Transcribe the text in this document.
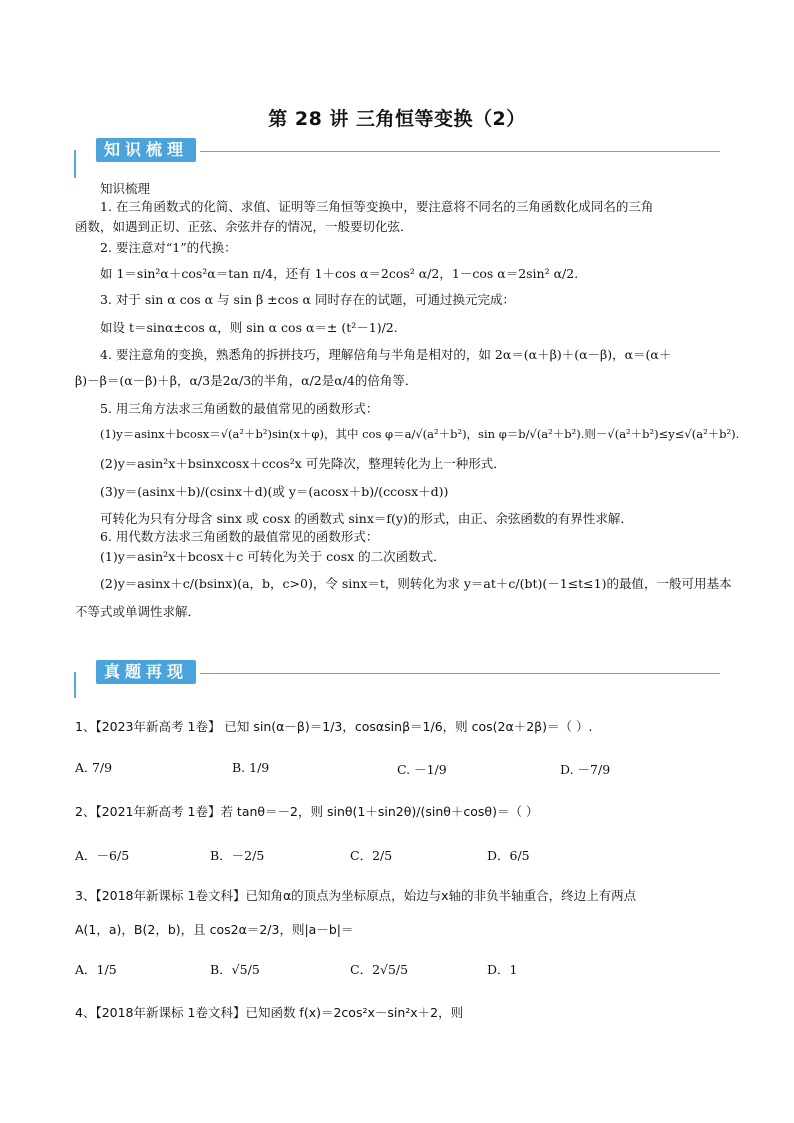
第 28 讲 三角恒等变换（2）
知识梳理
知识梳理
1. 在三角函数式的化简、求值、证明等三角恒等变换中，要注意将不同名的三角函数化成同名的三角
函数，如遇到正切、正弦、余弦并存的情况，一般要切化弦．
2. 要注意对“1”的代换：
如 1＝sin²α＋cos²α＝tan π/4，还有 1＋cos α＝2cos² α/2，1－cos α＝2sin² α/2.
3. 对于 sin α cos α 与 sin β ±cos α 同时存在的试题，可通过换元完成：
如设 t＝sinα±cos α，则 sin α cos α＝± (t²－1)/2.
4. 要注意角的变换，熟悉角的拆拼技巧，理解倍角与半角是相对的，如 2α＝(α＋β)＋(α－β)，α＝(α＋
β)－β＝(α－β)＋β，α/3是2α/3的半角，α/2是α/4的倍角等．
5. 用三角方法求三角函数的最值常见的函数形式：
(1)y＝asinx＋bcosx＝√(a²＋b²)sin(x＋φ)，其中 cos φ＝a/√(a²＋b²)，sin φ＝b/√(a²＋b²).则－√(a²＋b²)≤y≤√(a²＋b²).
(2)y＝asin²x＋bsinxcosx＋ccos²x 可先降次，整理转化为上一种形式．
(3)y＝(asinx＋b)/(csinx＋d)(或 y＝(acosx＋b)/(ccosx＋d))
可转化为只有分母含 sinx 或 cosx 的函数式 sinx＝f(y)的形式，由正、余弦函数的有界性求解．
6. 用代数方法求三角函数的最值常见的函数形式：
(1)y＝asin²x＋bcosx＋c 可转化为关于 cosx 的二次函数式．
(2)y＝asinx＋c/(bsinx)(a，b，c>0)，令 sinx＝t，则转化为求 y＝at＋c/(bt)(－1≤t≤1)的最值，一般可用基本
不等式或单调性求解．
真题再现
1、【2023年新高考 1卷】 已知 sin(α－β)＝1/3，cosαsinβ＝1/6，则 cos(2α＋2β)＝（ ）.
A. 7/9	B. 1/9	C. －1/9	D. －7/9
2、【2021年新高考 1卷】若 tanθ＝－2，则 sinθ(1＋sin2θ)/(sinθ＋cosθ)＝（ ）
A．－6/5	B．－2/5	C．2/5	D．6/5
3、【2018年新课标 1卷文科】已知角α的顶点为坐标原点，始边与x轴的非负半轴重合，终边上有两点
A(1，a)，B(2，b)，且 cos2α＝2/3，则|a－b|＝
A．1/5	B．√5/5	C．2√5/5	D．1
4、【2018年新课标 1卷文科】已知函数 f(x)＝2cos²x－sin²x＋2，则
